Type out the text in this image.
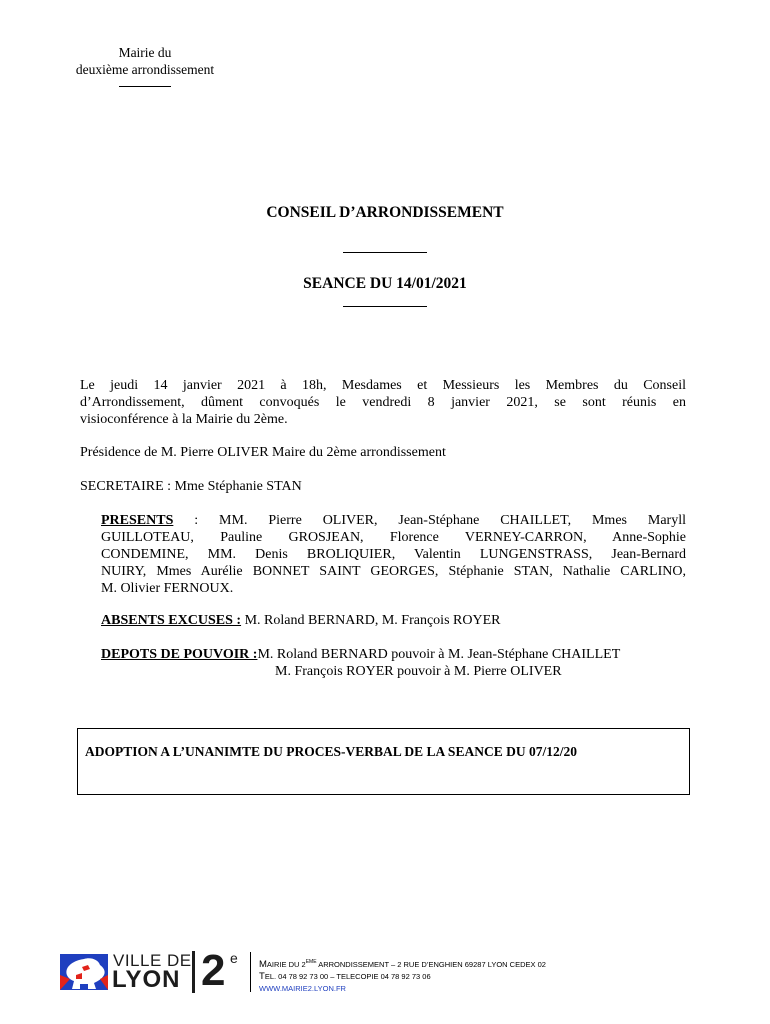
Mairie du
deuxième arrondissement
CONSEIL D’ARRONDISSEMENT
SEANCE DU 14/01/2021
Le jeudi 14 janvier 2021 à 18h, Mesdames et Messieurs les Membres du Conseil
d’Arrondissement, dûment convoqués le vendredi 8 janvier 2021, se sont réunis en
visioconférence à la Mairie du 2ème.
Présidence de M. Pierre OLIVER Maire du 2ème arrondissement
SECRETAIRE : Mme Stéphanie STAN
PRESENTS : MM. Pierre OLIVER, Jean-Stéphane CHAILLET, Mmes Maryll
GUILLOTEAU, Pauline GROSJEAN, Florence VERNEY-CARRON, Anne-Sophie
CONDEMINE, MM. Denis BROLIQUIER, Valentin LUNGENSTRASS, Jean-Bernard
NUIRY, Mmes Aurélie BONNET SAINT GEORGES, Stéphanie STAN, Nathalie CARLINO,
M. Olivier FERNOUX.
ABSENTS EXCUSES : M. Roland BERNARD, M. François ROYER
DEPOTS DE POUVOIR :M. Roland BERNARD pouvoir à M. Jean-Stéphane CHAILLET
M. François ROYER pouvoir à M. Pierre OLIVER
ADOPTION A L’UNANIMTE DU PROCES-VERBAL DE LA SEANCE DU 07/12/20
VILLE DE
LYON 2 e MAIRIE DU 2EME ARRONDISSEMENT – 2 RUE D’ENGHIEN 69287 LYON CEDEX 02
TEL. 04 78 92 73 00 – TELECOPIE 04 78 92 73 06
WWW.MAIRIE2.LYON.FR
